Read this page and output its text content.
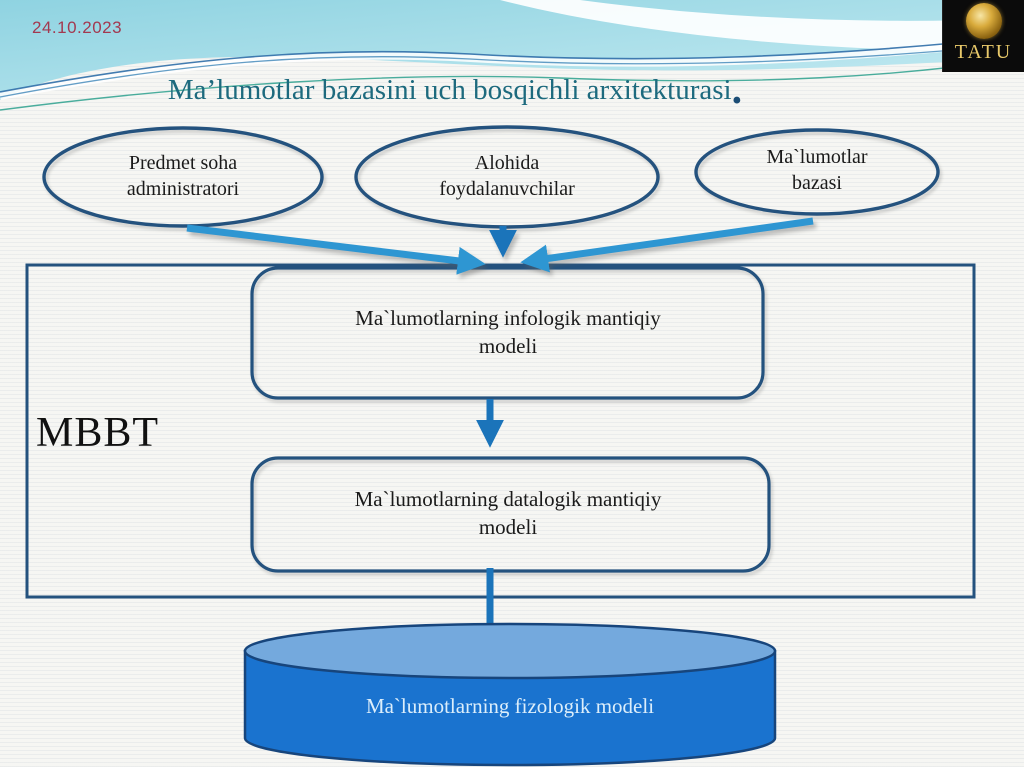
24.10.2023
TATU
Ma’lumotlar bazasini uch bosqichli arxitekturasi.
Predmet soha administratori
Alohida foydalanuvchilar
Ma`lumotlar bazasi
MBBT
Ma`lumotlarning infologik mantiqiy modeli
Ma`lumotlarning datalogik mantiqiy modeli
Ma`lumotlarning fizologik modeli
